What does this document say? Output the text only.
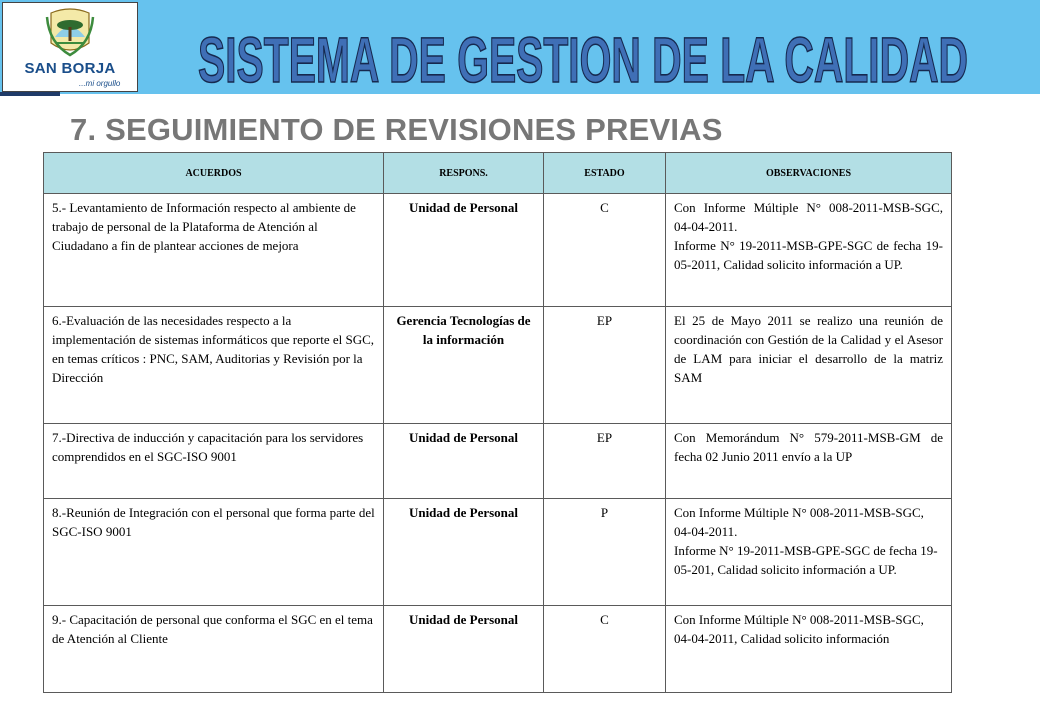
SAN BORJA
...mi orgullo SISTEMA DE GESTION DE LA CALIDAD
7. SEGUIMIENTO DE REVISIONES PREVIAS
ACUERDOS	RESPONS.	ESTADO	OBSERVACIONES
5.- Levantamiento de Información respecto al ambiente de trabajo de personal de la Plataforma de Atención al Ciudadano a fin de plantear acciones de mejora	Unidad de Personal	C	Con Informe Múltiple N° 008-2011-MSB-SGC, 04-04-2011.
Informe N° 19-2011-MSB-GPE-SGC de fecha 19-05-2011, Calidad solicito información a UP.

6.-Evaluación de las necesidades respecto a la implementación de sistemas informáticos que reporte el SGC, en temas críticos : PNC, SAM, Auditorias y Revisión por la Dirección	Gerencia Tecnologías de la información	EP	El 25 de Mayo 2011 se realizo una reunión de coordinación con Gestión de la Calidad y el Asesor de LAM para iniciar el desarrollo de la matriz SAM

7.-Directiva de inducción y capacitación para los servidores comprendidos en el SGC-ISO 9001	Unidad de Personal	EP	Con Memorándum N° 579-2011-MSB-GM de fecha 02 Junio 2011 envío a la UP

8.-Reunión de Integración con el personal que forma parte del SGC-ISO 9001	Unidad de Personal	P	Con Informe Múltiple N° 008-2011-MSB-SGC, 04-04-2011.
Informe N° 19-2011-MSB-GPE-SGC de fecha 19-05-201, Calidad solicito información a UP.

9.- Capacitación de personal que conforma el SGC en el tema de Atención al Cliente	Unidad de Personal	C	Con Informe Múltiple N° 008-2011-MSB-SGC, 04-04-2011, Calidad solicito información
